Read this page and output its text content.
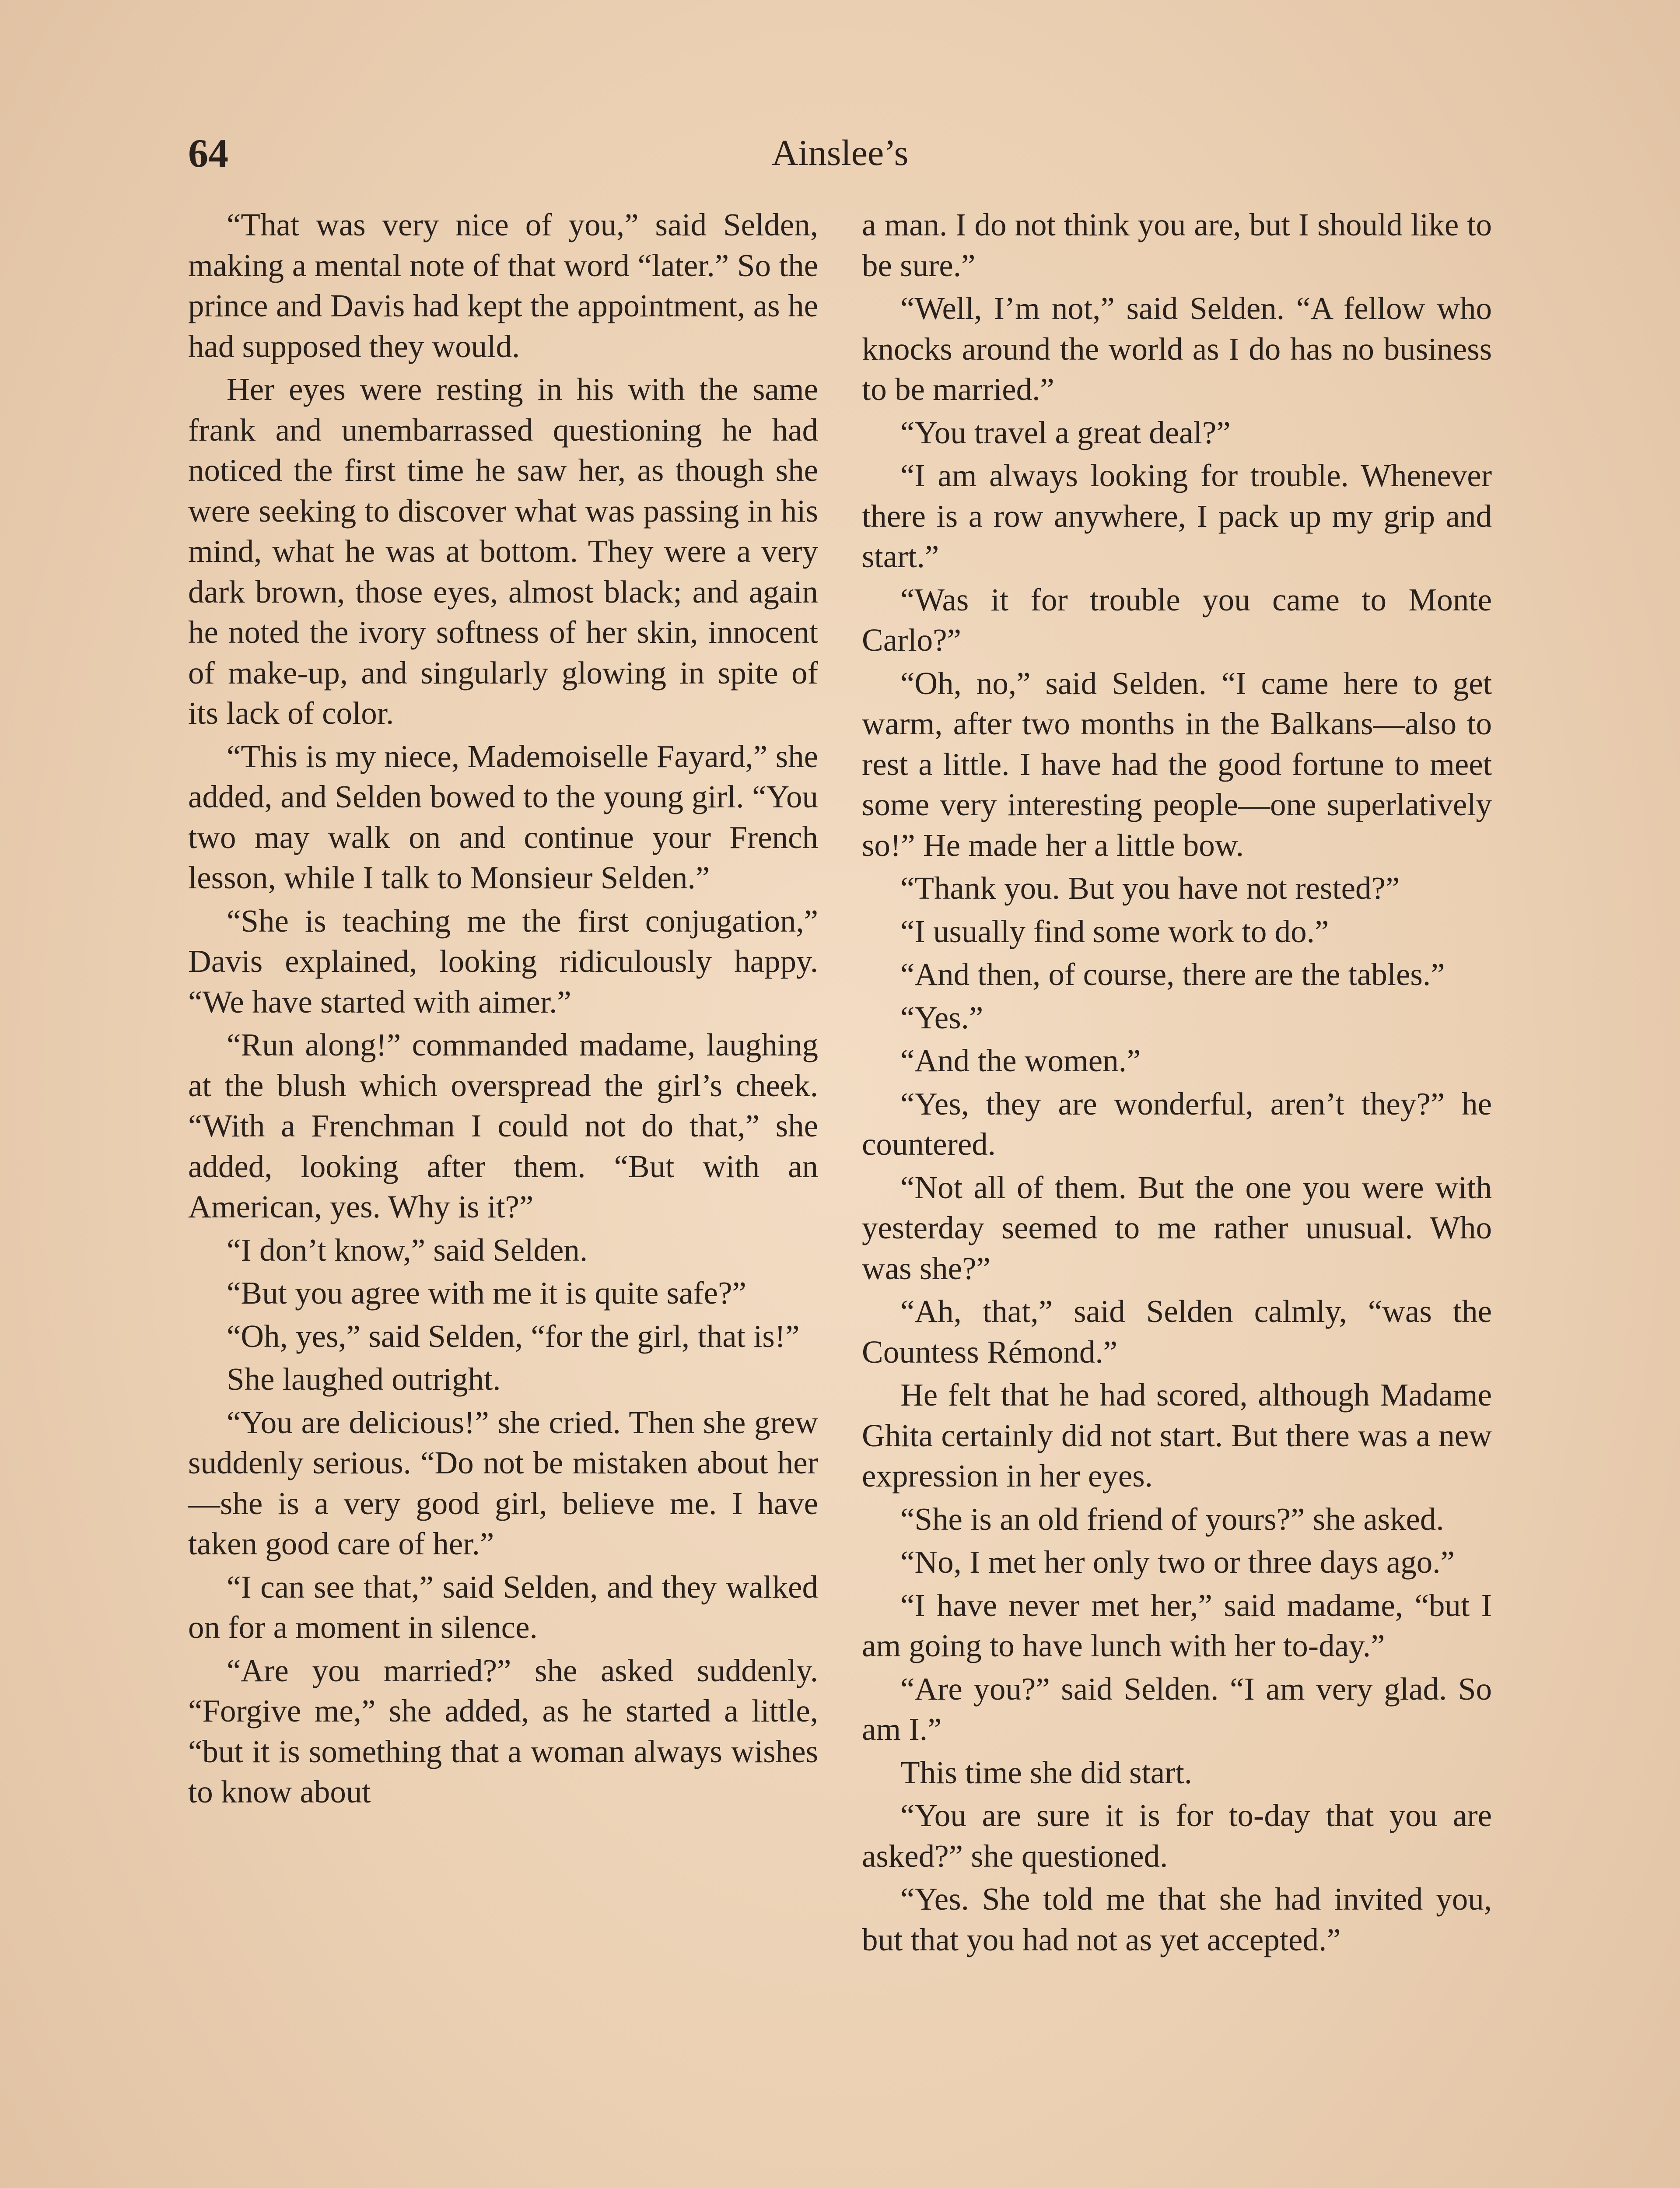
64	Ainslee’s

“That was very nice of you,” said Selden, making a mental note of that word “later.” So the prince and Davis had kept the appointment, as he had supposed they would.

Her eyes were resting in his with the same frank and unembarrassed questioning he had noticed the first time he saw her, as though she were seeking to discover what was passing in his mind, what he was at bottom. They were a very dark brown, those eyes, almost black; and again he noted the ivory softness of her skin, innocent of make-up, and singularly glowing in spite of its lack of color.

“This is my niece, Mademoiselle Fayard,” she added, and Selden bowed to the young girl. “You two may walk on and continue your French lesson, while I talk to Monsieur Selden.”

“She is teaching me the first conjugation,” Davis explained, looking ridiculously happy. “We have started with aimer.”

“Run along!” commanded madame, laughing at the blush which overspread the girl’s cheek. “With a Frenchman I could not do that,” she added, looking after them. “But with an American, yes. Why is it?”

“I don’t know,” said Selden.

“But you agree with me it is quite safe?”

“Oh, yes,” said Selden, “for the girl, that is!”

She laughed outright.

“You are delicious!” she cried. Then she grew suddenly serious. “Do not be mistaken about her—she is a very good girl, believe me. I have taken good care of her.”

“I can see that,” said Selden, and they walked on for a moment in silence.

“Are you married?” she asked suddenly. “Forgive me,” she added, as he started a little, “but it is something that a woman always wishes to know about

a man. I do not think you are, but I should like to be sure.”

“Well, I’m not,” said Selden. “A fellow who knocks around the world as I do has no business to be married.”

“You travel a great deal?”

“I am always looking for trouble. Whenever there is a row anywhere, I pack up my grip and start.”

“Was it for trouble you came to Monte Carlo?”

“Oh, no,” said Selden. “I came here to get warm, after two months in the Balkans—also to rest a little. I have had the good fortune to meet some very interesting people—one superlatively so!” He made her a little bow.

“Thank you. But you have not rested?”

“I usually find some work to do.”

“And then, of course, there are the tables.”

“Yes.”

“And the women.”

“Yes, they are wonderful, aren’t they?” he countered.

“Not all of them. But the one you were with yesterday seemed to me rather unusual. Who was she?”

“Ah, that,” said Selden calmly, “was the Countess Rémond.”

He felt that he had scored, although Madame Ghita certainly did not start. But there was a new expression in her eyes.

“She is an old friend of yours?” she asked.

“No, I met her only two or three days ago.”

“I have never met her,” said madame, “but I am going to have lunch with her to-day.”

“Are you?” said Selden. “I am very glad. So am I.”

This time she did start.

“You are sure it is for to-day that you are asked?” she questioned.

“Yes. She told me that she had invited you, but that you had not as yet accepted.”
